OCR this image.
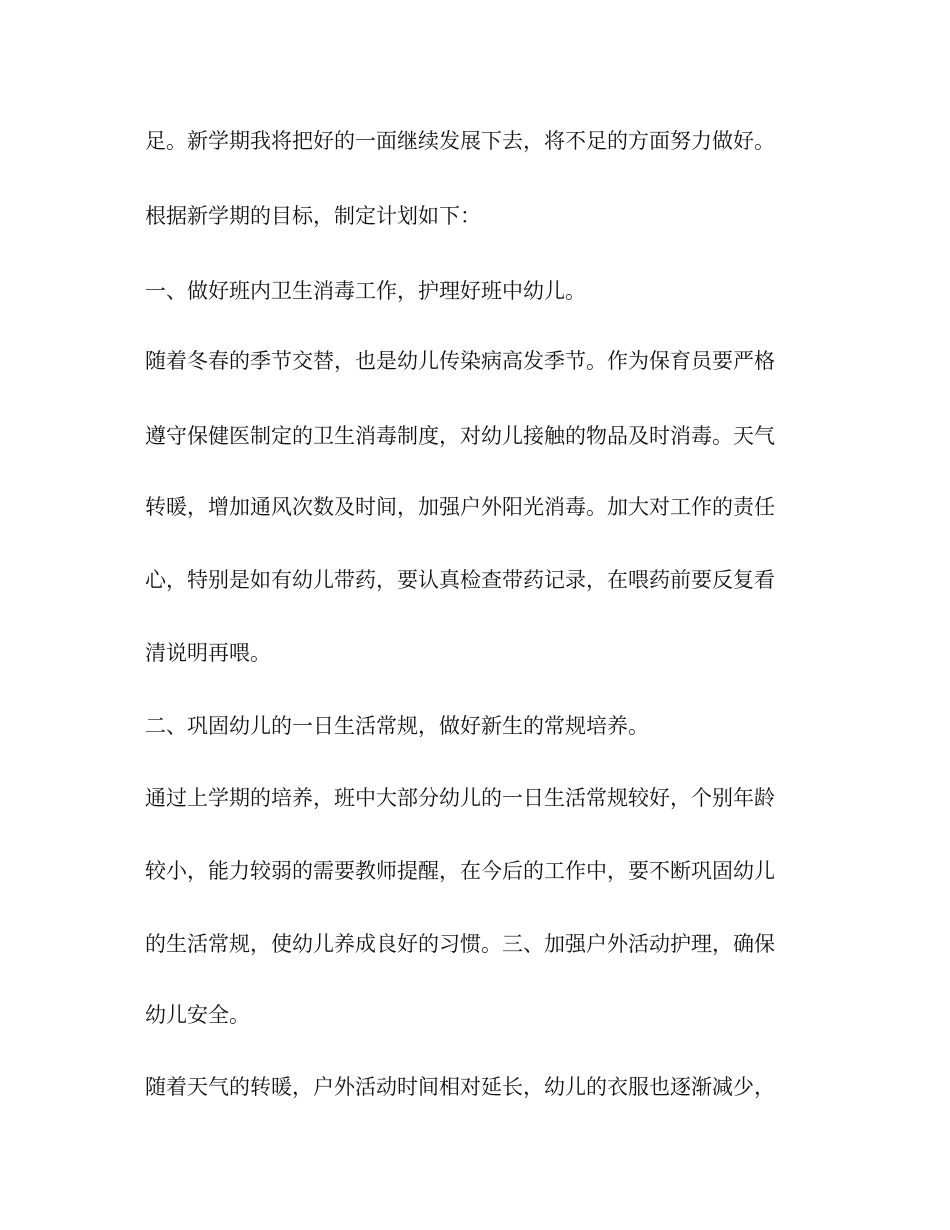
足。新学期我将把好的一面继续发展下去，将不足的方面努力做好。

根据新学期的目标，制定计划如下：

一、做好班内卫生消毒工作，护理好班中幼儿。

随着冬春的季节交替，也是幼儿传染病高发季节。作为保育员要严格

遵守保健医制定的卫生消毒制度，对幼儿接触的物品及时消毒。天气

转暖，增加通风次数及时间，加强户外阳光消毒。加大对工作的责任

心，特别是如有幼儿带药，要认真检查带药记录，在喂药前要反复看

清说明再喂。

二、巩固幼儿的一日生活常规，做好新生的常规培养。

通过上学期的培养，班中大部分幼儿的一日生活常规较好，个别年龄

较小，能力较弱的需要教师提醒，在今后的工作中，要不断巩固幼儿

的生活常规，使幼儿养成良好的习惯。三、加强户外活动护理，确保

幼儿安全。

随着天气的转暖，户外活动时间相对延长，幼儿的衣服也逐渐减少，
